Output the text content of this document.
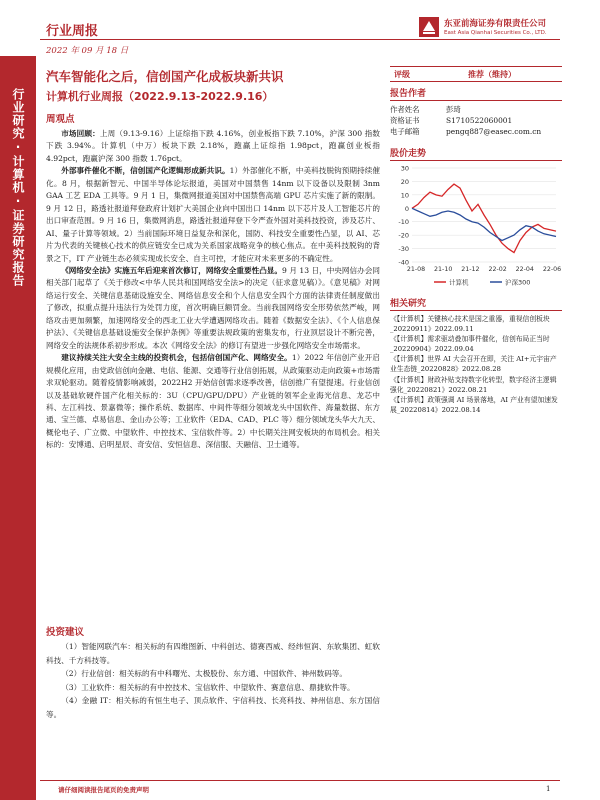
行业周报
2022 年 09 月 18 日
东亚前海证券有限责任公司
East Asia Qianhai Securities Co., LTD.
行业研究·计算机·证券研究报告
汽车智能化之后，信创国产化成板块新共识
计算机行业周报（2022.9.13-2022.9.16）
周观点

市场回顾：上周（9.13-9.16）上证综指下跌 4.16%，创业板指下跌 7.10%，沪深 300 指数下跌 3.94%。计算机（中万）板块下跌 2.18%，跑赢上证综指 1.98pct，跑赢创业板指 4.92pct，跑赢沪深 300 指数 1.76pct。

外部事件催化不断，信创国产化逻辑形成新共识。1）外部催化不断，中美科技脱钩预期持续催化。8 月，根据新智元、中国半导体论坛报道，美国对中国禁售 14nm 以下设备以及限制 3nm GAA 工艺 EDA 工具等。9 月 1 日，集微网报道美国对中国禁售高端 GPU 芯片实施了新的限制。9 月 12 日，路透社报道拜登政府计划扩大美国企业向中国出口 14nm 以下芯片及人工智能芯片的出口审查范围。9 月 16 日，集微网消息，路透社报道拜登下令严查外国对美科技投资，涉及芯片、AI、量子计算等领域。2）当前国际环境日益复杂和深化，国防、科技安全重要性凸显，以 AI、芯片为代表的关键核心技术的供应链安全已成为关系国家战略竞争的核心焦点。在中美科技脱钩的背景之下，IT 产业链生态必须实现成长安全、自主可控，才能应对未来更多的不确定性。

《网络安全法》实施五年后迎来首次修订，网络安全重要性凸显。9 月 13 日，中央网信办会同相关部门起草了《关于修改<中华人民共和国网络安全法>的决定（征求意见稿）》。《意见稿》对网络运行安全、关键信息基础设施安全、网络信息安全和个人信息安全四个方面的法律责任制度做出了修改，拟重点提升违法行为处罚力度，首次明确巨额罚金。当前我国网络安全形势依然严峻，网络攻击更加频繁，加速网络安全的西北工业大学遭遇网络攻击。随着《数据安全法》、《个人信息保护法》、《关键信息基础设施安全保护条例》等重要法规政策的密集发布，行业顶层设计不断完善，网络安全的法规体系初步形成。本次《网络安全法》的修订有望进一步强化网络安全市场需求。

建议持续关注大安全主线的投资机会，包括信创国产化、网络安全。1）2022 年信创产业开启规模化应用，由党政信创向金融、电信、能源、交通等行业信创拓展，从政策驱动走向政策+市场需求双轮驱动。随着疫情影响减弱，2022H2 开始信创需求逐季改善，信创推广有望提速。行业信创以及基础软硬件国产化相关标的：3U（CPU/GPU/DPU）产业链的领军企业海光信息、龙芯中科、左江科技、景嘉微等；操作系统、数据库、中间件等细分领域龙头中国软件、海量数据、东方通、宝兰德、卓易信息、金山办公等；工业软件（EDA、CAD、PLC 等）细分领域龙头华大九天、概伦电子、广立微、中望软件、中控技术、宝信软件等。2）中长期关注网安板块的布局机会。相关标的：安博通、启明星辰、奇安信、安恒信息、深信服、天融信、卫士通等。

投资建议

（1）智能网联汽车：相关标的有四维图新、中科创达、德赛西威、经纬恒润、东软集团、虹软科技、千方科技等。

（2）行业信创：相关标的有中科曙光、太极股份、东方通、中国软件、神州数码等。

（3）工业软件：相关标的有中控技术、宝信软件、中望软件、赛意信息、鼎捷软件等。

（4）金融 IT：相关标的有恒生电子、顶点软件、宇信科技、长亮科技、神州信息、东方国信等。

评级	推荐（维持）
报告作者
作者姓名	彭琦
资格证书	S1710522060001
电子邮箱	pengq887@easec.com.cn
股价走势
30
20
10
0
-10
-20
-30
-40
21-08 21-10 21-12 22-02 22-04 22-06
计算机	沪深300
相关研究
《【计算机】关键核心技术是国之重器，重视信创板块_20220911》2022.09.11
《【计算机】需求驱动叠加事件催化，信创布局正当时_20220904》2022.09.04
《【计算机】世界 AI 大会召开在即，关注 AI+元宇宙产业生态链_20220828》2022.08.28
《【计算机】财政补贴支持数字化转型，数字经济主逻辑强化_20220821》2022.08.21
《【计算机】政策强调 AI 场景落地，AI 产业有望加速发展_20220814》2022.08.14
请仔细阅读报告尾页的免责声明	1
